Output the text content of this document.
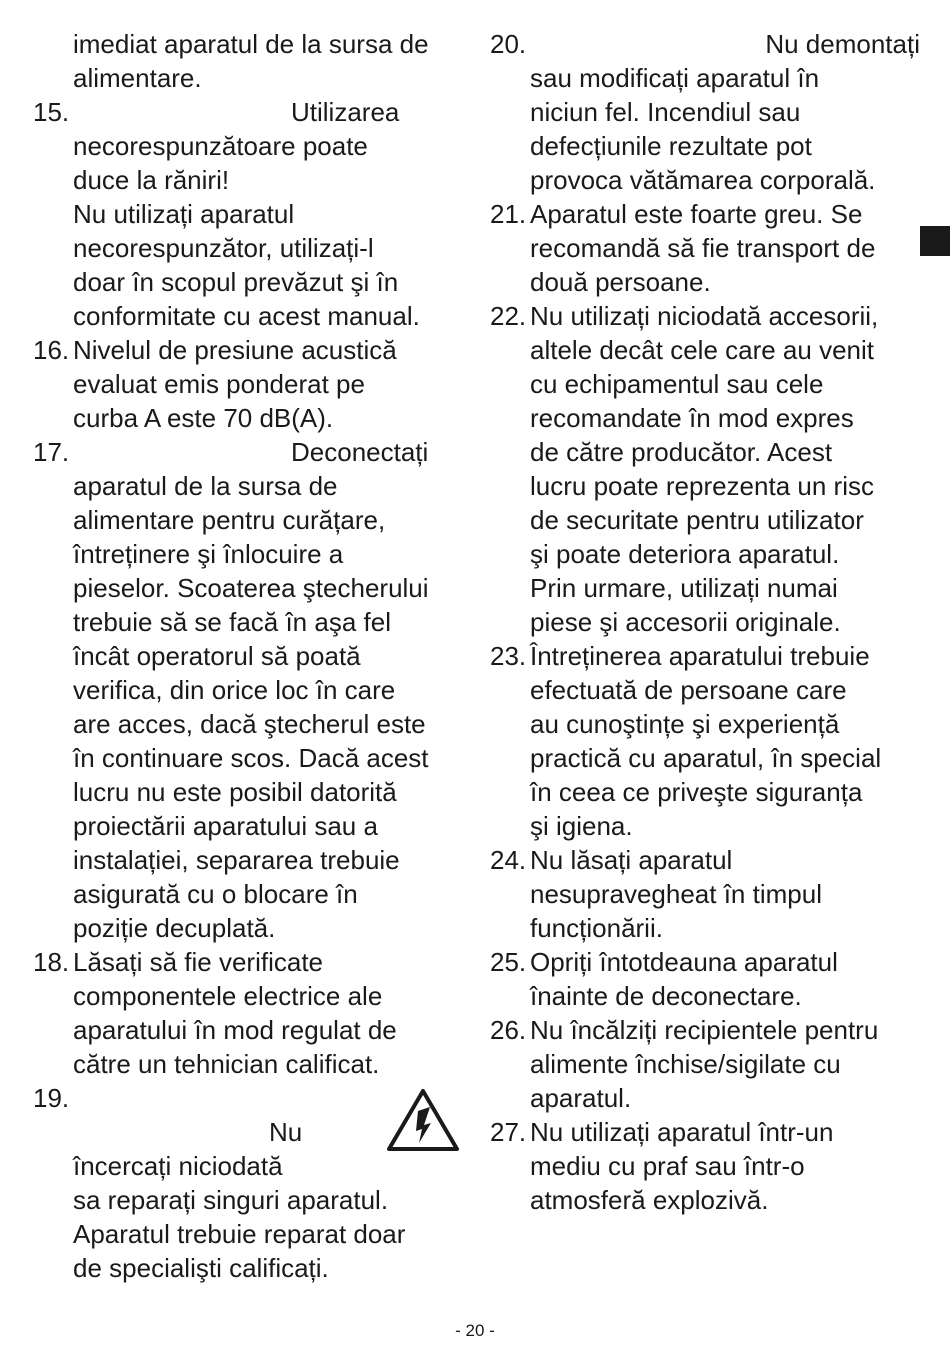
imediat aparatul de la sursa de
alimentare.
15.	Utilizarea
necorespunzătoare poate
duce la răniri!
Nu utilizați aparatul
necorespunzător, utilizați-l
doar în scopul prevăzut şi în
conformitate cu acest manual.
16. Nivelul de presiune acustică
evaluat emis ponderat pe
curba A este 70 dB(A).
17.	Deconectați
aparatul de la sursa de
alimentare pentru curățare,
întreținere şi înlocuire a
pieselor. Scoaterea ştecherului
trebuie să se facă în aşa fel
încât operatorul să poată
verifica, din orice loc în care
are acces, dacă ştecherul este
în continuare scos. Dacă acest
lucru nu este posibil datorită
proiectării aparatului sau a
instalației, separarea trebuie
asigurată cu o blocare în
poziție decuplată.
18. Lăsați să fie verificate
componentele electrice ale
aparatului în mod regulat de
către un tehnician calificat.
19.

Nu
încercați niciodată
sa reparați singuri aparatul.
Aparatul trebuie reparat doar
de specialişti calificați.
20.	Nu demontați
sau modificați aparatul în
niciun fel. Incendiul sau
defecțiunile rezultate pot
provoca vătămarea corporală.
21. Aparatul este foarte greu. Se
recomandă să fie transport de
două persoane.
22. Nu utilizați niciodată accesorii,
altele decât cele care au venit
cu echipamentul sau cele
recomandate în mod expres
de către producător. Acest
lucru poate reprezenta un risc
de securitate pentru utilizator
şi poate deteriora aparatul.
Prin urmare, utilizați numai
piese şi accesorii originale.
23. Întreținerea aparatului trebuie
efectuată de persoane care
au cunoştințe şi experiență
practică cu aparatul, în special
în ceea ce priveşte siguranța
şi igiena.
24. Nu lăsați aparatul
nesupravegheat în timpul
funcționării.
25. Opriți întotdeauna aparatul
înainte de deconectare.
26. Nu încălziți recipientele pentru
alimente închise/sigilate cu
aparatul.
27. Nu utilizați aparatul într-un
mediu cu praf sau într-o
atmosferă explozivă.
- 20 -
